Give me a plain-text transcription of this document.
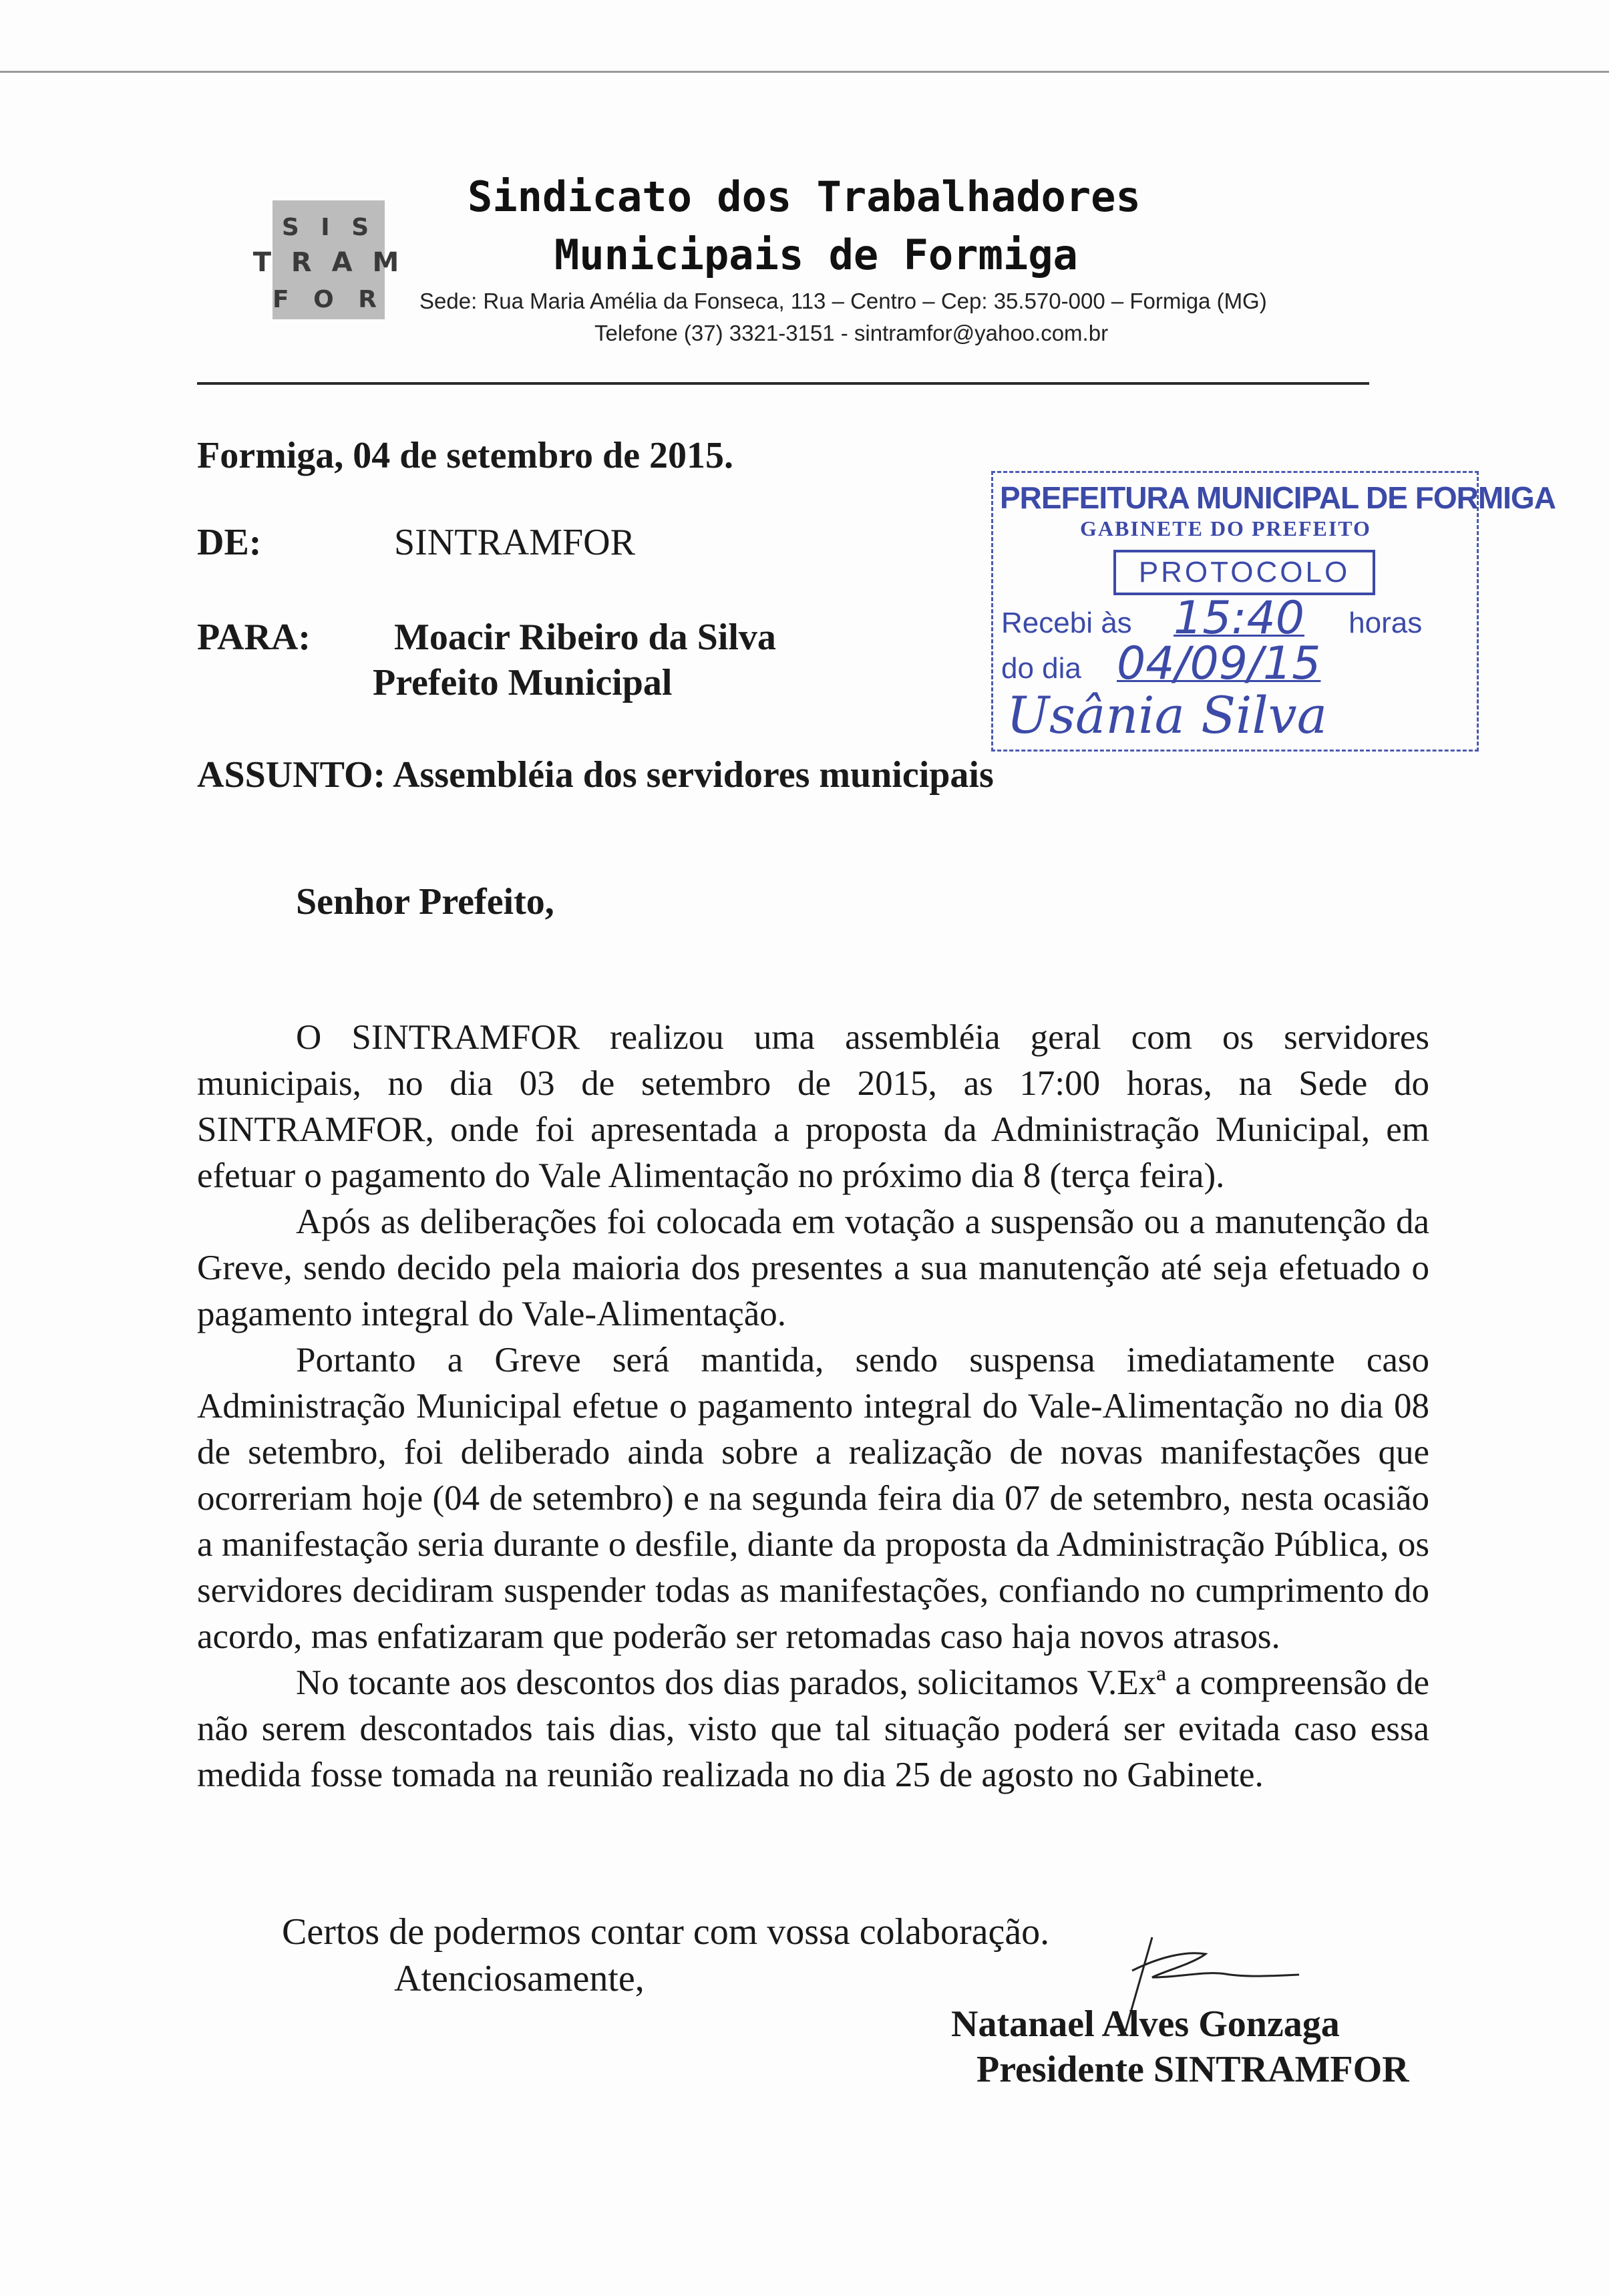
S I S
T R A M
F O R
Sindicato dos Trabalhadores
Municipais de Formiga
Sede: Rua Maria Amélia da Fonseca, 113 – Centro – Cep: 35.570-000 – Formiga (MG)
Telefone (37) 3321-3151 - sintramfor@yahoo.com.br
Formiga, 04 de setembro de 2015.
DE:	SINTRAMFOR
PARA: Moacir Ribeiro da Silva
Prefeito Municipal
ASSUNTO: Assembléia dos servidores municipais
PREFEITURA MUNICIPAL DE FORMIGA
GABINETE DO PREFEITO
PROTOCOLO
Recebi às	horas
15:40
do dia 04/09/15
Usânia Silva
Senhor Prefeito,

O SINTRAMFOR realizou uma assembléia geral com os servidores municipais, no dia 03 de setembro de 2015, as 17:00 horas, na Sede do SINTRAMFOR, onde foi apresentada a proposta da Administração Municipal, em efetuar o pagamento do Vale Alimentação no próximo dia 8 (terça feira).

Após as deliberações foi colocada em votação a suspensão ou a manutenção da Greve, sendo decido pela maioria dos presentes a sua manutenção até seja efetuado o pagamento integral do Vale-Alimentação.

Portanto a Greve será mantida, sendo suspensa imediatamente caso Administração Municipal efetue o pagamento integral do Vale-Alimentação no dia 08 de setembro, foi deliberado ainda sobre a realização de novas manifestações que ocorreriam hoje (04 de setembro) e na segunda feira dia 07 de setembro, nesta ocasião a manifestação seria durante o desfile, diante da proposta da Administração Pública, os servidores decidiram suspender todas as manifestações, confiando no cumprimento do acordo, mas enfatizaram que poderão ser retomadas caso haja novos atrasos.

No tocante aos descontos dos dias parados, solicitamos V.Exª a compreensão de não serem descontados tais dias, visto que tal situação poderá ser evitada caso essa medida fosse tomada na reunião realizada no dia 25 de agosto no Gabinete.

Certos de podermos contar com vossa colaboração.
Atenciosamente,
Natanael Alves Gonzaga
Presidente SINTRAMFOR
